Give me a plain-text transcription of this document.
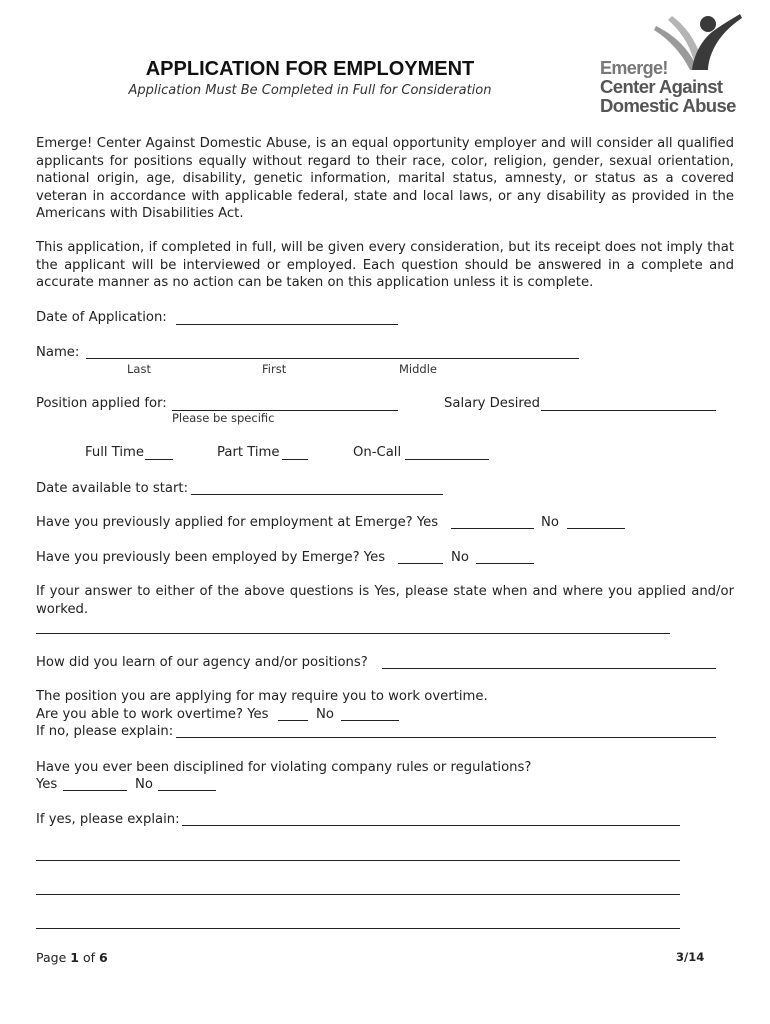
APPLICATION FOR EMPLOYMENT
Application Must Be Completed in Full for Consideration
Emerge!
Center Against
Domestic Abuse
Emerge! Center Against Domestic Abuse, is an equal opportunity employer and will consider all qualified applicants for positions equally without regard to their race, color, religion, gender, sexual orientation, national origin, age, disability, genetic information, marital status, amnesty, or status as a covered veteran in accordance with applicable federal, state and local laws, or any disability as provided in the Americans with Disabilities Act.
This application, if completed in full, will be given every consideration, but its receipt does not imply that the applicant will be interviewed or employed. Each question should be answered in a complete and accurate manner as no action can be taken on this application unless it is complete.
Date of Application:
Name:
Last	First	Middle
Position applied for:
Please be specific
Salary Desired
Full Time	Part Time	On-Call
Date available to start:
Have you previously applied for employment at Emerge? Yes	No
Have you previously been employed by Emerge? Yes	No
If your answer to either of the above questions is Yes, please state when and where you applied and/or worked.
How did you learn of our agency and/or positions?
The position you are applying for may require you to work overtime.
Are you able to work overtime? Yes	No
If no, please explain:
Have you ever been disciplined for violating company rules or regulations?
Yes	No
If yes, please explain:
Page 1 of 6	3/14
